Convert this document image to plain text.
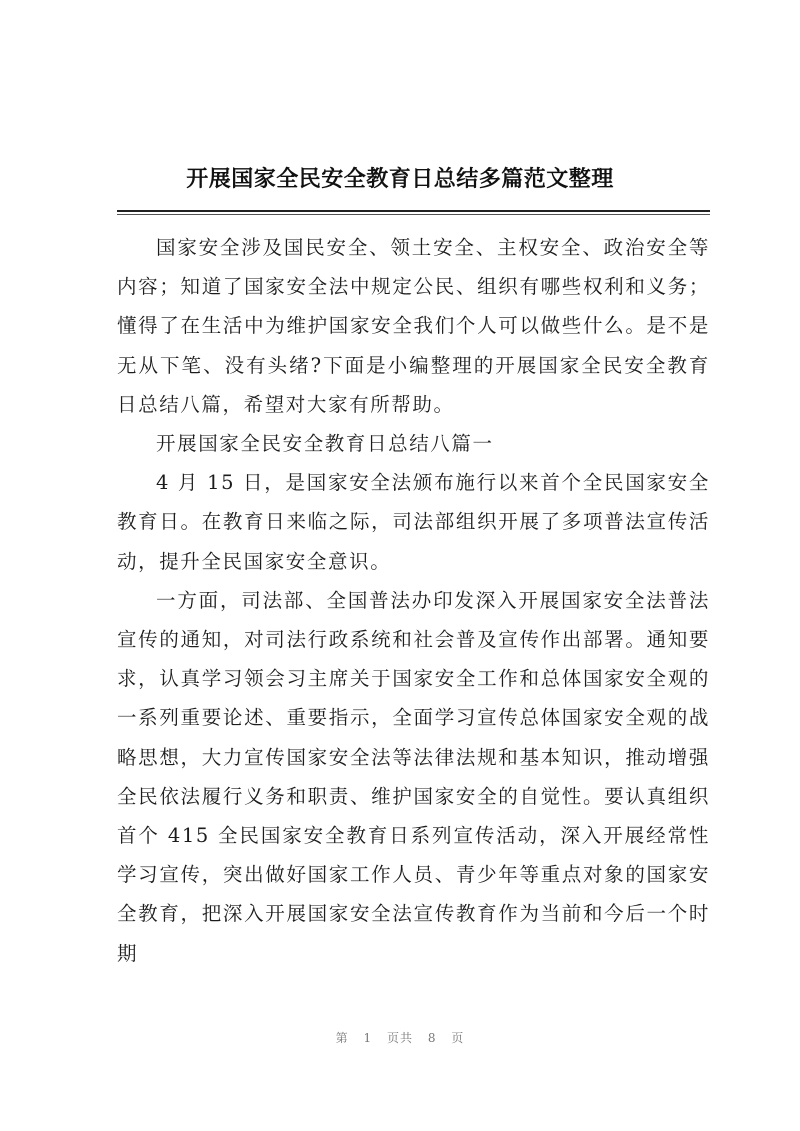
开展国家全民安全教育日总结多篇范文整理

国家安全涉及国民安全、领土安全、主权安全、政治安全等内容；知道了国家安全法中规定公民、组织有哪些权利和义务；懂得了在生活中为维护国家安全我们个人可以做些什么。是不是无从下笔、没有头绪?下面是小编整理的开展国家全民安全教育日总结八篇，希望对大家有所帮助。

开展国家全民安全教育日总结八篇一

4 月 15 日，是国家安全法颁布施行以来首个全民国家安全教育日。在教育日来临之际，司法部组织开展了多项普法宣传活动，提升全民国家安全意识。

一方面，司法部、全国普法办印发深入开展国家安全法普法宣传的通知，对司法行政系统和社会普及宣传作出部署。通知要求，认真学习领会习主席关于国家安全工作和总体国家安全观的一系列重要论述、重要指示，全面学习宣传总体国家安全观的战略思想，大力宣传国家安全法等法律法规和基本知识，推动增强全民依法履行义务和职责、维护国家安全的自觉性。要认真组织首个 415 全民国家安全教育日系列宣传活动，深入开展经常性学习宣传，突出做好国家工作人员、青少年等重点对象的国家安全教育，把深入开展国家安全法宣传教育作为当前和今后一个时期

第 1 页共 8 页
